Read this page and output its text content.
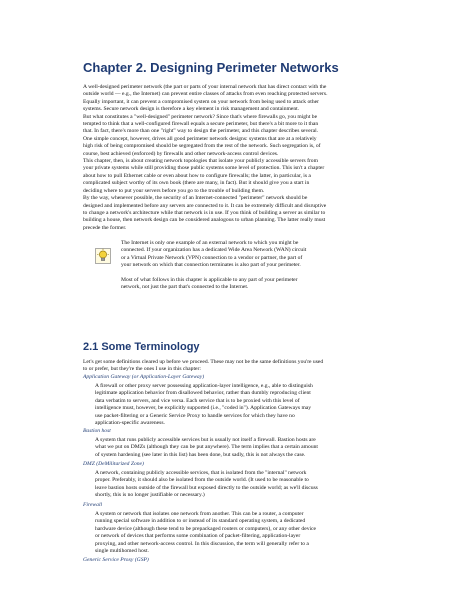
Chapter 2. Designing Perimeter Networks
A well-designed perimeter network (the part or parts of your internal network that has direct contact with the
outside world — e.g., the Internet) can prevent entire classes of attacks from even reaching protected servers.
Equally important, it can prevent a compromised system on your network from being used to attack other
systems. Secure network design is therefore a key element in risk management and containment.
But what constitutes a "well-designed" perimeter network? Since that's where firewalls go, you might be
tempted to think that a well-configured firewall equals a secure perimeter, but there's a bit more to it than
that. In fact, there's more than one "right" way to design the perimeter, and this chapter describes several.
One simple concept, however, drives all good perimeter network designs: systems that are at a relatively
high risk of being compromised should be segregated from the rest of the network. Such segregation is, of
course, best achieved (enforced) by firewalls and other network-access control devices.
This chapter, then, is about creating network topologies that isolate your publicly accessible servers from
your private systems while still providing those public systems some level of protection. This isn't a chapter
about how to pull Ethernet cable or even about how to configure firewalls; the latter, in particular, is a
complicated subject worthy of its own book (there are many, in fact). But it should give you a start in
deciding where to put your servers before you go to the trouble of building them.
By the way, whenever possible, the security of an Internet-connected "perimeter" network should be
designed and implemented before any servers are connected to it. It can be extremely difficult and disruptive
to change a network's architecture while that network is in use. If you think of building a server as similar to
building a house, then network design can be considered analogous to urban planning. The latter really must
precede the former.
The Internet is only one example of an external network to which you might be
connected. If your organization has a dedicated Wide Area Network (WAN) circuit
or a Virtual Private Network (VPN) connection to a vendor or partner, the part of
your network on which that connection terminates is also part of your perimeter.
Most of what follows in this chapter is applicable to any part of your perimeter
network, not just the part that's connected to the Internet.
2.1 Some Terminology
Let's get some definitions cleared up before we proceed. These may not be the same definitions you're used
to or prefer, but they're the ones I use in this chapter:
Application Gateway (or Application-Layer Gateway)
A firewall or other proxy server possessing application-layer intelligence, e.g., able to distinguish
legitimate application behavior from disallowed behavior, rather than dumbly reproducing client
data verbatim to servers, and vice versa. Each service that is to be proxied with this level of
intelligence must, however, be explicitly supported (i.e., "coded in"). Application Gateways may
use packet-filtering or a Generic Service Proxy to handle services for which they have no
application-specific awareness.
Bastion host
A system that runs publicly accessible services but is usually not itself a firewall. Bastion hosts are
what we put on DMZs (although they can be put anywhere). The term implies that a certain amount
of system hardening (see later in this list) has been done, but sadly, this is not always the case.
DMZ (DeMilitarized Zone)
A network, containing publicly accessible services, that is isolated from the "internal" network
proper. Preferably, it should also be isolated from the outside world. (It used to be reasonable to
leave bastion hosts outside of the firewall but exposed directly to the outside world; as we'll discuss
shortly, this is no longer justifiable or necessary.)
Firewall
A system or network that isolates one network from another. This can be a router, a computer
running special software in addition to or instead of its standard operating system, a dedicated
hardware device (although these tend to be prepackaged routers or computers), or any other device
or network of devices that performs some combination of packet-filtering, application-layer
proxying, and other network-access control. In this discussion, the term will generally refer to a
single multihomed host.
Generic Service Proxy (GSP)
